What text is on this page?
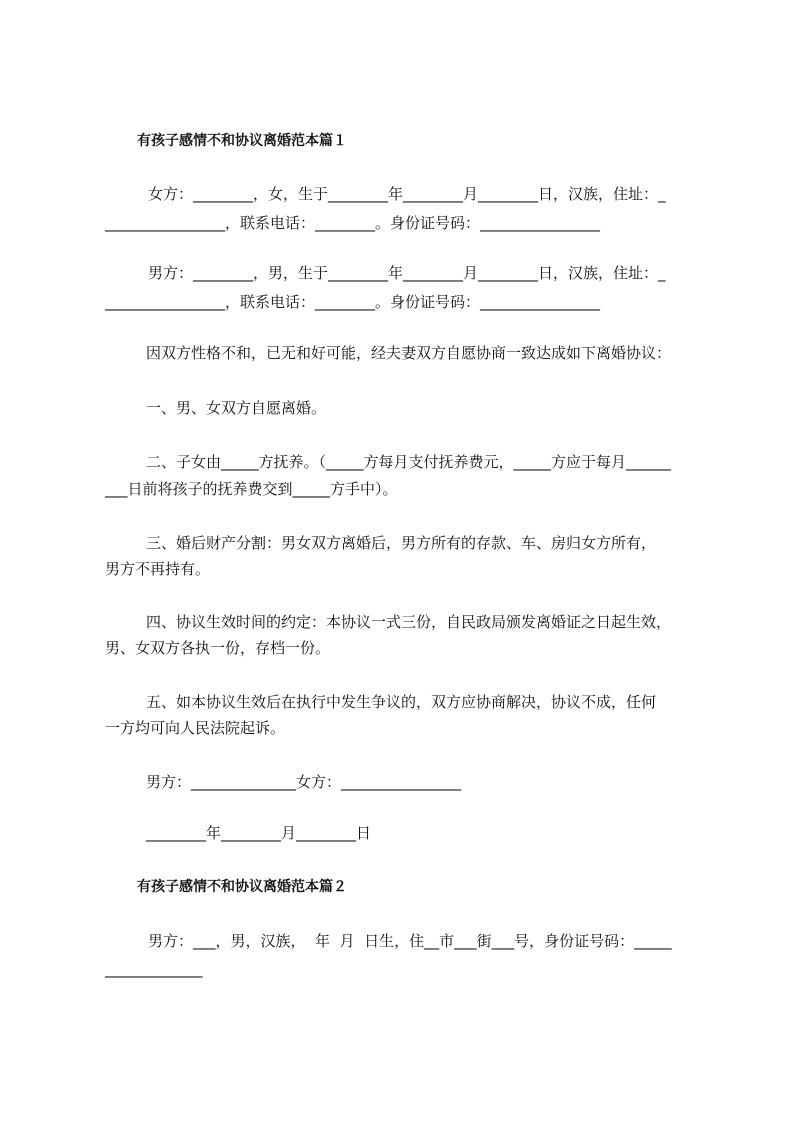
有孩子感情不和协议离婚范本篇１
女方：________，女，生于________年________月________日，汉族，住址：_
________________，联系电话：________。身份证号码：________________
男方：________，男，生于________年________月________日，汉族，住址：_
________________，联系电话：________。身份证号码：________________
因双方性格不和，已无和好可能，经夫妻双方自愿协商一致达成如下离婚协议：
一、男、女双方自愿离婚。
二、子女由_____方抚养。（_____方每月支付抚养费元，_____方应于每月______
___日前将孩子的抚养费交到_____方手中）。
三、婚后财产分割：男女双方离婚后，男方所有的存款、车、房归女方所有，
男方不再持有。
四、协议生效时间的约定：本协议一式三份，自民政局颁发离婚证之日起生效，
男、女双方各执一份，存档一份。
五、如本协议生效后在执行中发生争议的，双方应协商解决，协议不成，任何
一方均可向人民法院起诉。
男方：______________女方：________________
________年________月________日
有孩子感情不和协议离婚范本篇２
男方：___，男，汉族，  年  月  日生，住__市___街___号，身份证号码：_____
_____________
